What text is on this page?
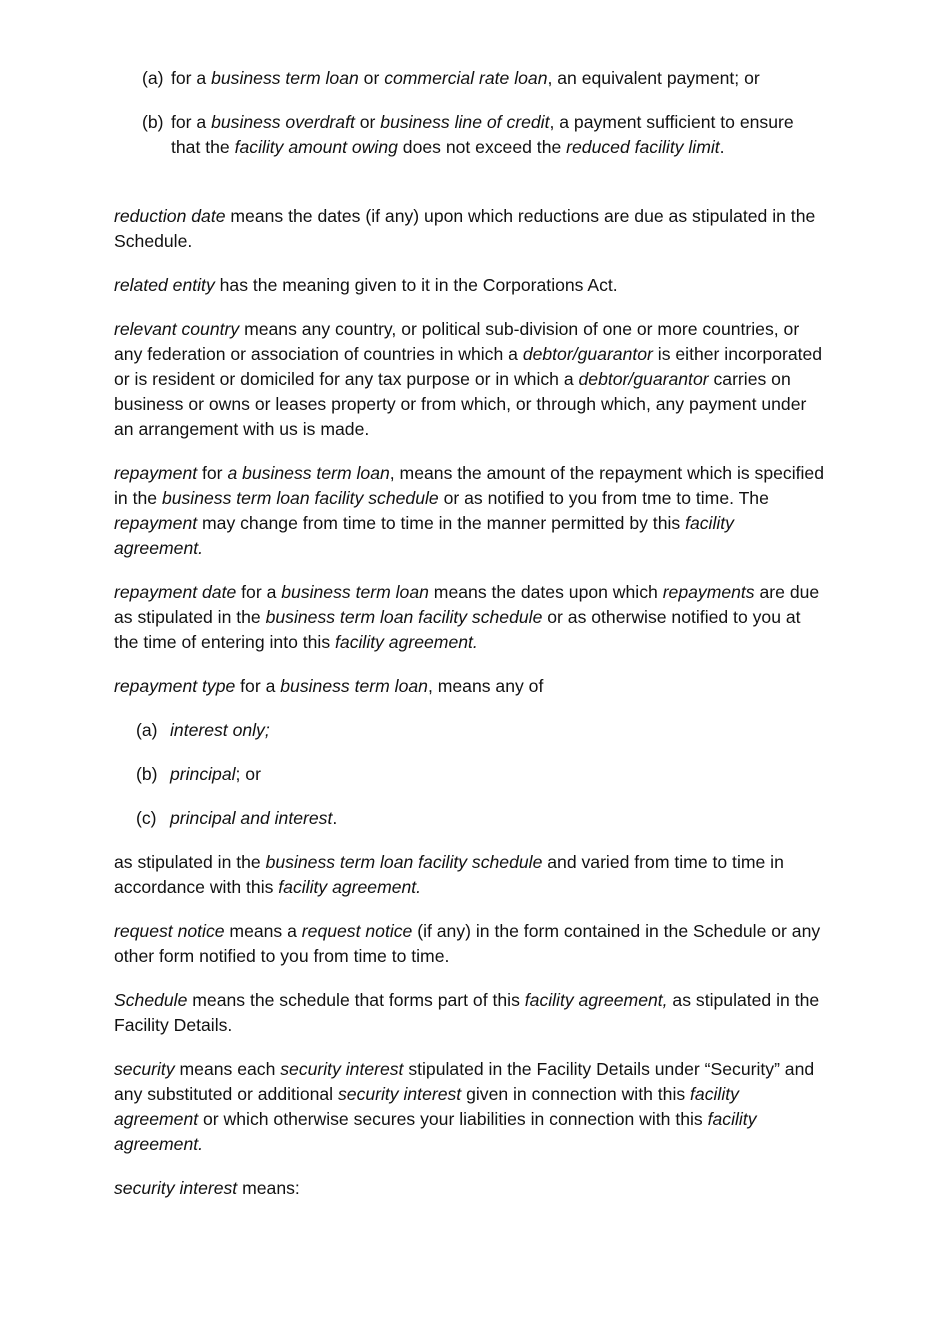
(a) for a business term loan or commercial rate loan, an equivalent payment; or

(b) for a business overdraft or business line of credit, a payment sufficient to ensure that the facility amount owing does not exceed the reduced facility limit.

reduction date means the dates (if any) upon which reductions are due as stipulated in the Schedule.

related entity has the meaning given to it in the Corporations Act.

relevant country means any country, or political sub-division of one or more countries, or any federation or association of countries in which a debtor/guarantor is either incorporated or is resident or domiciled for any tax purpose or in which a debtor/guarantor carries on business or owns or leases property or from which, or through which, any payment under an arrangement with us is made.

repayment for a business term loan, means the amount of the repayment which is specified in the business term loan facility schedule or as notified to you from tme to time. The repayment may change from time to time in the manner permitted by this facility agreement.

repayment date for a business term loan means the dates upon which repayments are due as stipulated in the business term loan facility schedule or as otherwise notified to you at the time of entering into this facility agreement.

repayment type for a business term loan, means any of

(a) interest only;

(b) principal; or

(c) principal and interest.

as stipulated in the business term loan facility schedule and varied from time to time in accordance with this facility agreement.

request notice means a request notice (if any) in the form contained in the Schedule or any other form notified to you from time to time.

Schedule means the schedule that forms part of this facility agreement, as stipulated in the Facility Details.

security means each security interest stipulated in the Facility Details under “Security” and any substituted or additional security interest given in connection with this facility agreement or which otherwise secures your liabilities in connection with this facility agreement.

security interest means:
